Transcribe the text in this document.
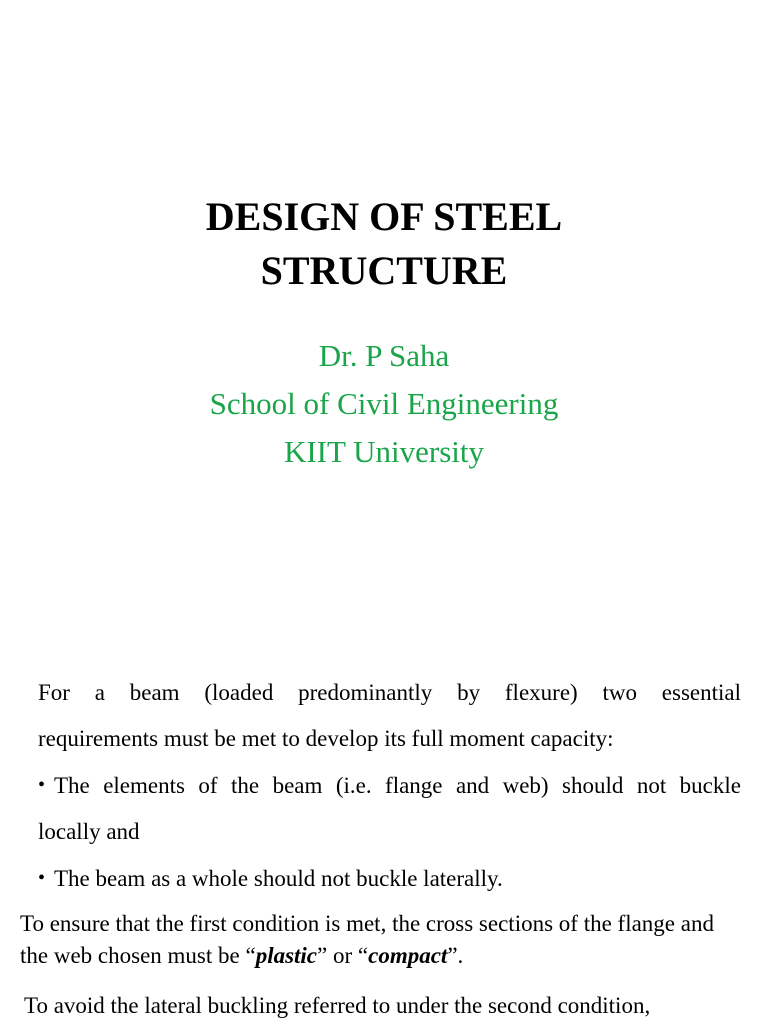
DESIGN OF STEEL
STRUCTURE
Dr. P Saha
School of Civil Engineering
KIIT University
For a beam (loaded predominantly by flexure) two essential
requirements must be met to develop its full moment capacity:
• The elements of the beam (i.e. flange and web) should not buckle
locally and
• The beam as a whole should not buckle laterally.

To ensure that the first condition is met, the cross sections of the flange and the web chosen must be “plastic” or “compact”.

To avoid the lateral buckling referred to under the second condition,
